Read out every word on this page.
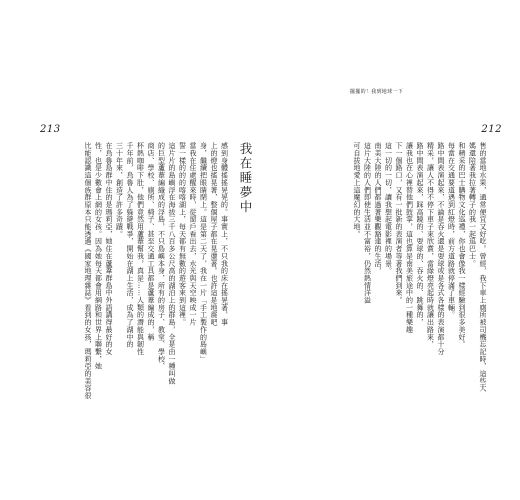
213
我在睡夢中
感到身體搖搖晃晃的。事實上，不只我的床在搖晃著，事
上的燈也搖晃著，整個屋子都在晃盪著。也許這是地震吧
身，繼續把眼睛閉上。這是第二天了，我在一片「手工製作的島嶼」
當我在住處醒來時，從窗戶看出去，水光與天空映成一片
誓一樣的的的喀喀湖上，每天都有無數的遊客來到這裡。
這片片的島嶼浮在海拔三千八百多公尺高的湖泊上的群島，全是由一種叫做
的巨型蘆葦編織成的浮島，不只島嶼本身，所有的房子、教堂、學校、
商店、學校、廁所、椅子、甚至交通工具都是蘆葦編成的，稱
杯熱咖啡下肚，他們竟然用蘆葦幫我，真是……人類的潛能與韌性
千年前，烏魯人為了躲避戰爭，開始在湖上生活，成為了湖中的
三十年來，創造了許多奇蹟。
在烏魯島群中住的是瑪莉亞，她住在蘆葦群島中外語講得最好的女
性，也是少數會上網的女孩。因為她每天都會用網路和世界上聯繫，她
比能認識這個族群原本只能透過《國家地理雜誌》看到的女孩，瑪莉亞的美容很
擺擺的！我到地球一下
212
售的當地水果，通常便宜又好吃。曾經，我下車上廁所被司機忘記時，這些大
媽還陪著我拉著轉子的我一起追巴士。
和精采的巴士購物文化巡禮，你也會像我一樣經驗到很多美好。
每當在交通要道遇到紅燈時，前方道路就停滿了車輛。
路中間表演起來，不論是吞火還是耍球或是各式各樣的表演都十分
精采，讓人不得不停下車子來欣賞，當綠燈亮起時就讓出路來，
路中間表演起來，踩高蹺的、耍球的、吞火的、跳舞的，
讓我也在心裡替他們鼓掌，這也算是南美旅途中的一種樂趣
下一個路口，又有一批新的表演者等著我們到來。
這一切的一切，讓我想起電影裡的場景。
南美大陸的人們都過著樂觀豁達的生活，
這片大陸的人們即使生活並不富裕，仍然熱情洋溢
可自拔地愛上這魔幻的大地。
